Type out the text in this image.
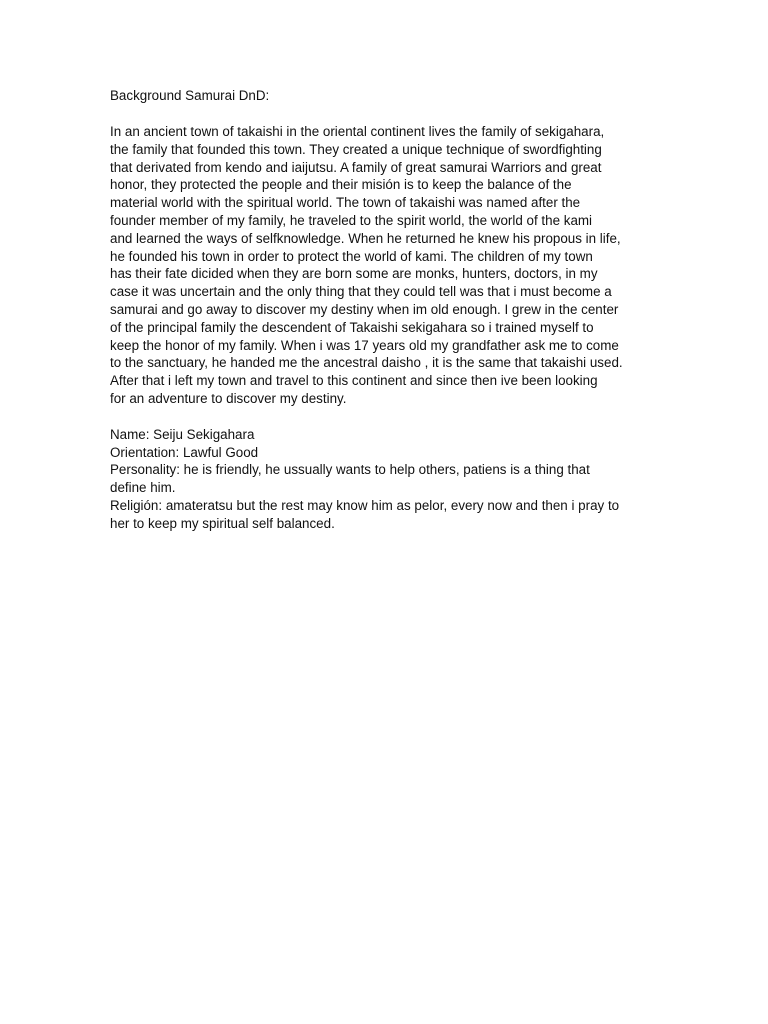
Background Samurai DnD:

In an ancient town of takaishi in the oriental continent lives the family of sekigahara,

the family that founded this town. They created a unique technique of swordfighting

that derivated from kendo and iaijutsu. A family of great samurai Warriors and great

honor, they protected the people and their misión is to keep the balance of the

material world with the spiritual world. The town of takaishi was named after the

founder member of my family, he traveled to the spirit world, the world of the kami

and learned the ways of selfknowledge. When he returned he knew his propous in life,

he founded his town in order to protect the world of kami. The children of my town

has their fate dicided when they are born some are monks, hunters, doctors, in my

case it was uncertain and the only thing that they could tell was that i must become a

samurai and go away to discover my destiny when im old enough. I grew in the center

of the principal family the descendent of Takaishi sekigahara so i trained myself to

keep the honor of my family. When i was 17 years old my grandfather ask me to come

to the sanctuary, he handed me the ancestral daisho , it is the same that takaishi used.

After that i left my town and travel to this continent and since then ive been looking

for an adventure to discover my destiny.

Name: Seiju Sekigahara

Orientation: Lawful Good

Personality: he is friendly, he ussually wants to help others, patiens is a thing that

define him.

Religión: amateratsu but the rest may know him as pelor, every now and then i pray to

her to keep my spiritual self balanced.
